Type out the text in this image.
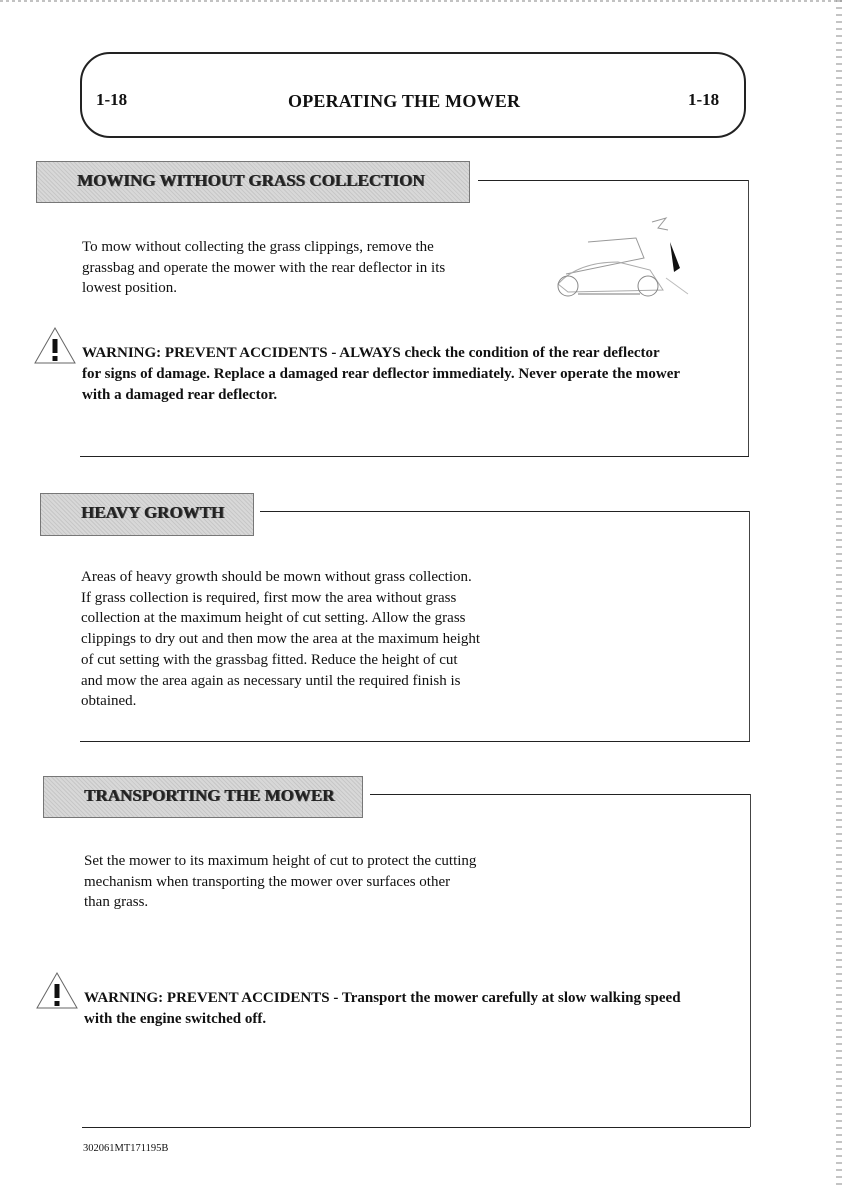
1-18	OPERATING THE MOWER	1-18
MOWING WITHOUT GRASS COLLECTION
To mow without collecting the grass clippings, remove the
grassbag and operate the mower with the rear deflector in its
lowest position.
WARNING: PREVENT ACCIDENTS - ALWAYS check the condition of the rear deflector
for signs of damage. Replace a damaged rear deflector immediately. Never operate the mower
with a damaged rear deflector.
HEAVY GROWTH
Areas of heavy growth should be mown without grass collection.
If grass collection is required, first mow the area without grass
collection at the maximum height of cut setting. Allow the grass
clippings to dry out and then mow the area at the maximum height
of cut setting with the grassbag fitted. Reduce the height of cut
and mow the area again as necessary until the required finish is
obtained.
TRANSPORTING THE MOWER
Set the mower to its maximum height of cut to protect the cutting
mechanism when transporting the mower over surfaces other
than grass.
WARNING: PREVENT ACCIDENTS - Transport the mower carefully at slow walking speed
with the engine switched off.
302061MT171195B
